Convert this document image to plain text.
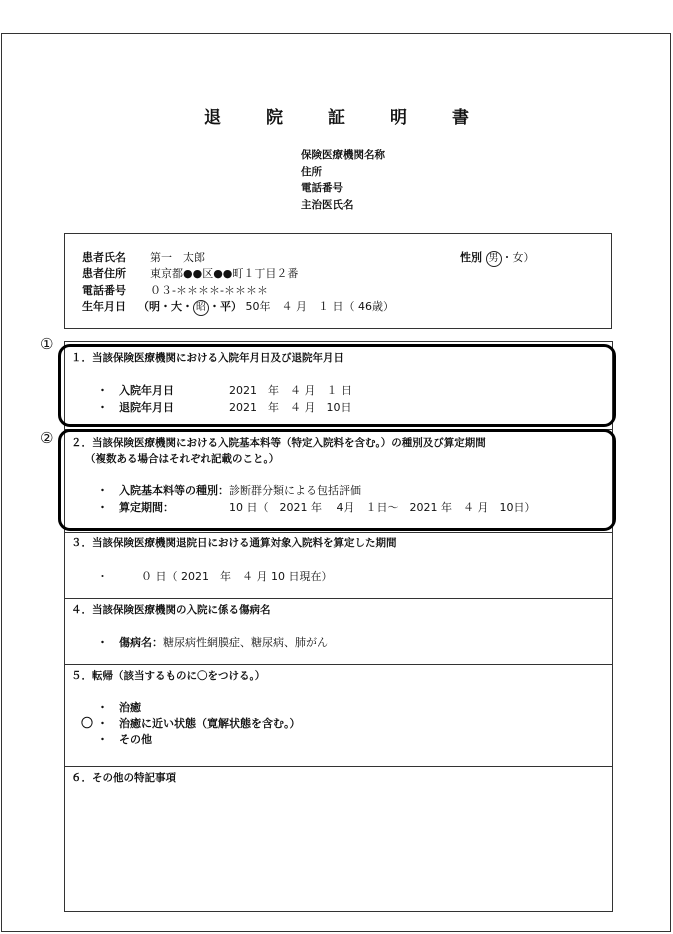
退　院　証　明　書
保険医療機関名称
住所
電話番号
主治医氏名
患者氏名 第一　太郎	性別 男 ・女）
患者住所 東京都●●区●●町１丁目２番
電話番号 ０３-＊＊＊＊-＊＊＊＊
生年月日 （明・大・ 昭 ・平） 50年　４ 月　１ 日（ 46歳）
１．当該保険医療機関における入院年月日及び退院年月日
・　入院年月日	2021　年　４ 月　１ 日
・　退院年月日	2021　年　４ 月　10日
２．当該保険医療機関における入院基本料等（特定入院料を含む。）の種別及び算定期間
（複数ある場合はそれぞれ記載のこと。）
・　入院基本料等の種別：診断群分類による包括評価
・　算定期間：	10 日（　2021 年　 4月　１日～　2021 年　４ 月　10日）
３．当該保険医療機関退院日における通算対象入院料を算定した期間
・　　　０ 日（ 2021　年　４ 月 10 日現在）
４．当該保険医療機関の入院に係る傷病名
・　傷病名：糖尿病性網膜症、糖尿病、肺がん
５．転帰（該当するものに〇をつける。）
・　治癒
〇 ・　治癒に近い状態（寛解状態を含む。）
・　その他
６．その他の特記事項
①
②
